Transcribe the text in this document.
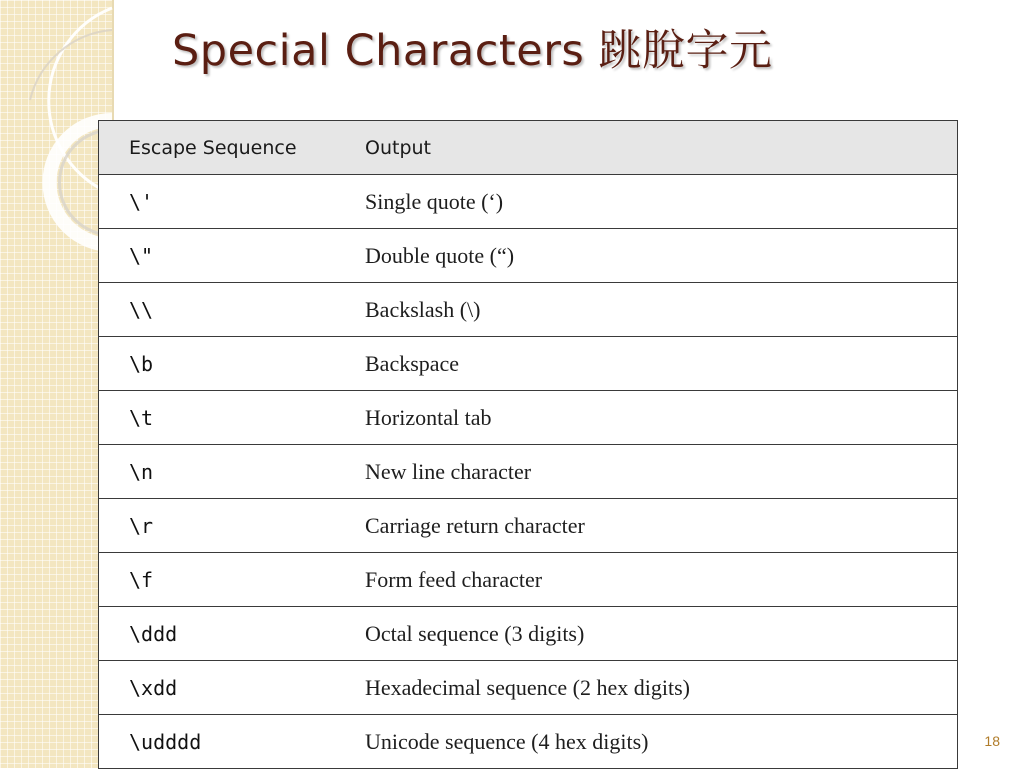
Special Characters 跳脫字元
Escape Sequence	Output
\'	Single quote (‘)
\"	Double quote (“)
\\	Backslash (\)
\b	Backspace
\t	Horizontal tab
\n	New line character
\r	Carriage return character
\f	Form feed character
\ddd	Octal sequence (3 digits)
\xdd	Hexadecimal sequence (2 hex digits)
\udddd	Unicode sequence (4 hex digits)	18
